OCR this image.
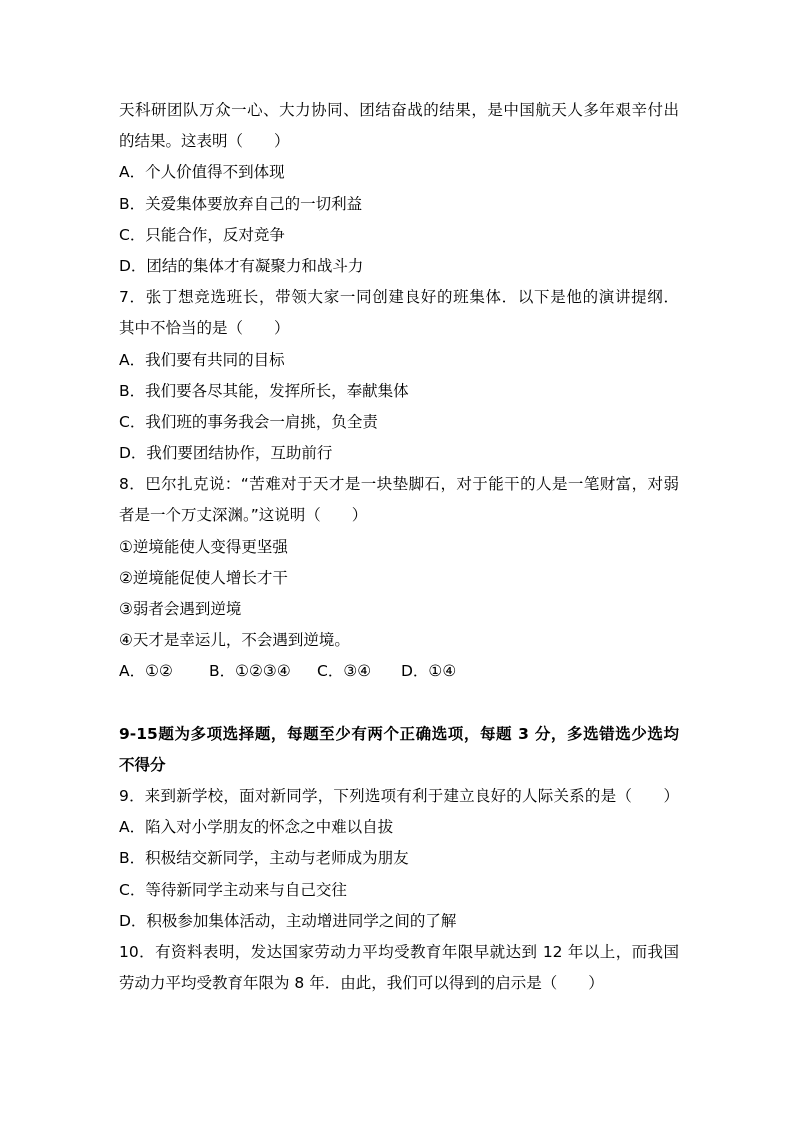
天科研团队万众一心、大力协同、团结奋战的结果，是中国航天人多年艰辛付出
的结果。这表明（　　）
A．个人价值得不到体现
B．关爱集体要放弃自己的一切利益
C．只能合作，反对竞争
D．团结的集体才有凝聚力和战斗力
7．张丁想竞选班长，带领大家一同创建良好的班集体．以下是他的演讲提纲．
其中不恰当的是（　　）
A．我们要有共同的目标
B．我们要各尽其能，发挥所长，奉献集体
C．我们班的事务我会一肩挑，负全责
D．我们要团结协作，互助前行
8．巴尔扎克说：“苦难对于天才是一块垫脚石，对于能干的人是一笔财富，对弱
者是一个万丈深渊。”这说明（　　）
①逆境能使人变得更坚强
②逆境能促使人增长才干
③弱者会遇到逆境
④天才是幸运儿，不会遇到逆境。
A．①② B．①②③④ C．③④ D．①④
9-15题为多项选择题，每题至少有两个正确选项，每题 3 分，多选错选少选均
不得分
9．来到新学校，面对新同学，下列选项有利于建立良好的人际关系的是（　　）
A．陷入对小学朋友的怀念之中难以自拔
B．积极结交新同学，主动与老师成为朋友
C．等待新同学主动来与自己交往
D．积极参加集体活动，主动增进同学之间的了解
10．有资料表明，发达国家劳动力平均受教育年限早就达到 12 年以上，而我国
劳动力平均受教育年限为 8 年．由此，我们可以得到的启示是（　　）
